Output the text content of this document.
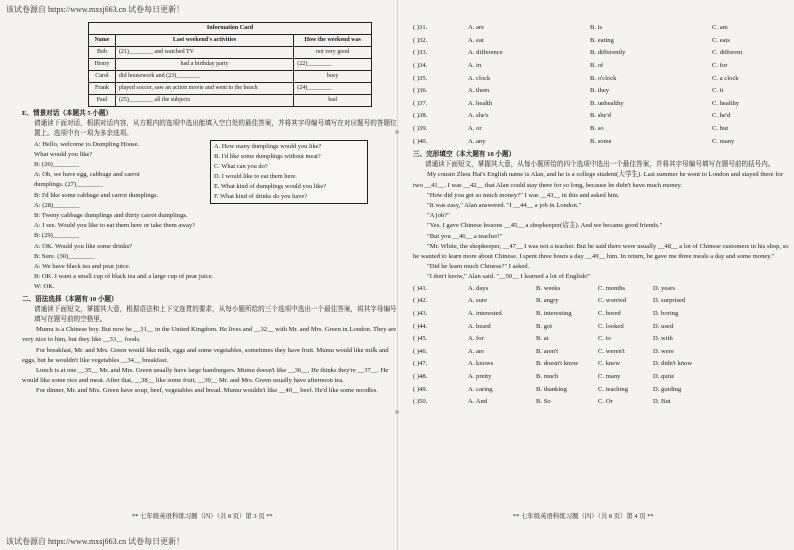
该试卷源自 https://www.mxsj663.cn 试卷每日更新！
该试卷源自 https://www.mxsj663.cn 试卷每日更新！
Information Card		
Name	Last weekend's activities	How the weekend was
Bob	(21)________ and watched TV	not very good
Henry	had a birthday party	(22)________
Carol	did housework and (23)________	busy
Frank	played soccer, saw an action movie and went to the beach	(24)________
Paul	(25)________ all the subjects	bad
E、情景对话（本题共 5 小题）
请通读下面对话，根据对话内容，从方框内的选项中选出能填入空白处的最佳答案，并将其字母编号填写在对应题号的答题位置上。选项中有一项为多余选项。
A: Hello, welcome to Dumpling House.
What would you like?
B: (26)________
A: Oh, we have egg, cabbage and carrot
dumplings. (27)________
B: I'd like some cabbage and carrot dumplings.
A: (28)________
B: Tweny cabbage dumplings and thirty carrot dumplings.
A: I see. Would you like to eat them here or take them away?
B: (29)________
A: OK. Would you like some drinks?
B: Sure. (30)________
A: We have black tea and pear juice.
B: OK. I want a small cup of black tea and a large cup of pear juice.
W: OK.
A. How many dumplings would you like?
B. I'd like some dumplings without meat?
C. What can you do?
D. I would like to eat them here.
E. What kind of dumplings would you like?
F. What kind of drinks do you have?
二、语法选择（本题有 10 小题）
请通读下面短文，掌握其大意，根据语法和上下文连贯的要求，从每小题所给的三个选项中选出一个最佳答案，将其字母编号填写在题号前的空格里。
Mumu is a Chinese boy. But now he __31__ in the United Kingdom. He lives and __32__ with Mr. and Mrs. Green in London. They are very nice to him, but they like __33__ foods.
For breakfast, Mr. and Mrs. Green would like milk, eggs and some vegetables, sometimes they have fruit. Mumu would like milk and eggs, but he wouldn't like vegetables __34__ breakfast.
Lunch is at one __35__ Mr. and Mrs. Green usually have large hamburgers. Mumu doesn't like __36__. He thinks they're __37__. He would like some rice and meat. After that, __38__ like some fruit, __39__ Mr. and Mrs. Green usually have afternoon tea.
For dinner, Mr. and Mrs. Green have soup, beef, vegetables and bread. Mumu wouldn't like __40__ beef. He'd like some noodles.
** 七年级英语科练习题（四）（共 8 页）第 3 页 **
( )31.	A. are	B. is	C. am
( )32.	A. eat	B. eating	C. eats
( )33.	A. difference	B. differently	C. different
( )34.	A. in	B. of	C. for
( )35.	A. clock	B. o'clock	C. a clock
( )36.	A. them	B. they	C. it
( )37.	A. health	B. unhealthy	C. healthy
( )38.	A. she's	B. she'd	C. he'd
( )39.	A. or	B. so	C. but
( )40.	A. any	B. some	C. many
三、完形填空（本大题有 10 小题）
请通读下面短文，掌握其大意，从每小题所给的四个选项中选出一个最佳答案，并将其字母编号填写在题号前的括号内。
My cousin Zhou Hai's English name is Alan, and he is a college student(大学生). Last summer he went to London and stayed there for two __41__. I was __42__ that Alan could stay there for so long, because he didn't have much money.
"How did you get so much money?" I was __43__ in this and asked him.
"It was easy," Alan answered. "I __44__ a job in London."
"A job?"
"Yes. I gave Chinese lessons __45__ a shopkeeper(店主). And we became good friends."
"But you __46__ a teacher!"
"Mr. White, the shopkeeper, __47__ I was not a teacher. But he said there were usually __48__ a lot of Chinese customers in his shop, so he wanted to learn more about Chinese. I spent three hours a day __49__ him. In return, he gave me three meals a day and some money."
"Did he learn much Chinese?" I asked.
"I don't know," Alan said. "__50__ I learned a lot of English!"
( )41.	A. days	B. weeks	C. months	D. years
( )42.	A. sure	B. angry	C. worried	D. surprised
( )43.	A. interested	B. interesting	C. bored	D. boring
( )44.	A. heard	B. got	C. looked	D. used
( )45.	A. for	B. at	C. to	D. with
( )46.	A. are	B. aren't	C. weren't	D. were
( )47.	A. knows	B. doesn't know	C. knew	D. didn't know
( )48.	A. pretty	B. much	C. many	D. quite
( )49.	A. caring	B. thanking	C. teaching	D. guiding
( )50.	A. And	B. So	C. Or	D. But
** 七年级英语科练习题（四）（共 8 页）第 4 页 **
